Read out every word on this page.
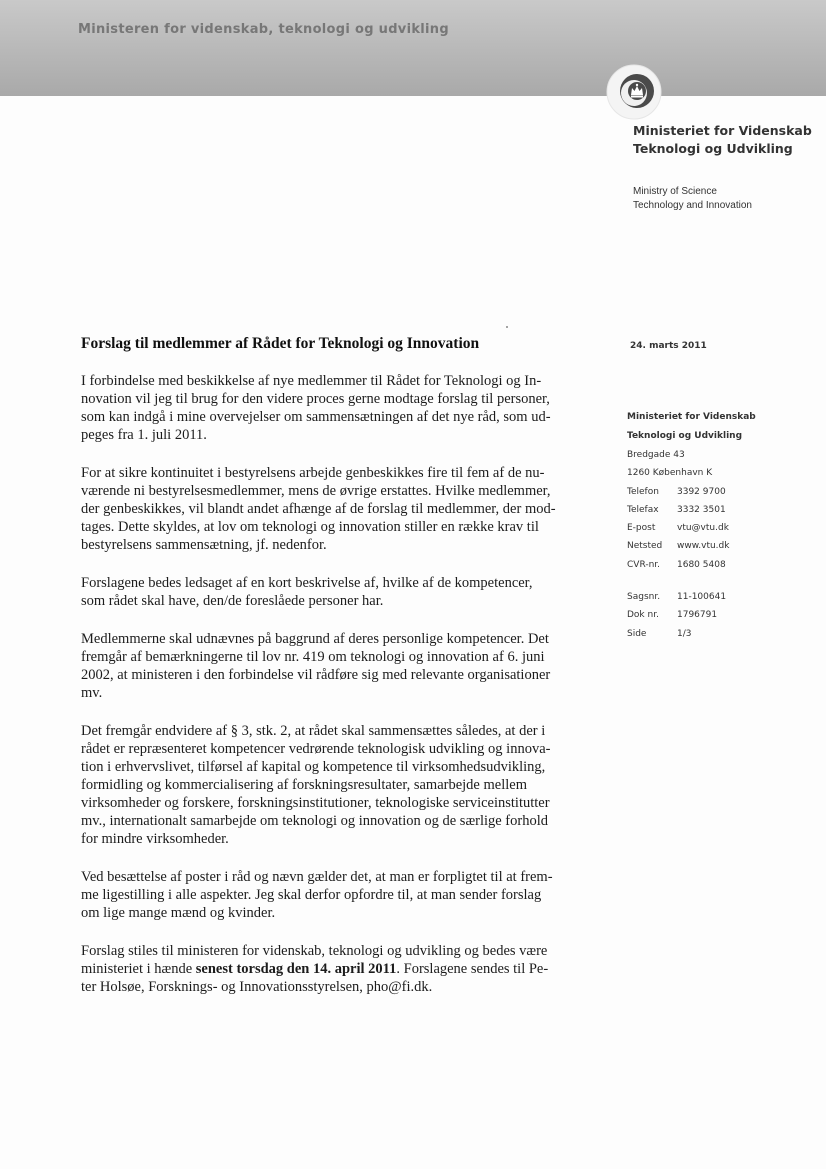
Ministeren for videnskab, teknologi og udvikling
Ministeriet for Videnskab
Teknologi og Udvikling
Ministry of Science
Technology and Innovation
Forslag til medlemmer af Rådet for Teknologi og Innovation	24. marts 2011

I forbindelse med beskikkelse af nye medlemmer til Rådet for Teknologi og In-
novation vil jeg til brug for den videre proces gerne modtage forslag til personer,
som kan indgå i mine overvejelser om sammensætningen af det nye råd, som ud-
peges fra 1. juli 2011.

For at sikre kontinuitet i bestyrelsens arbejde genbeskikkes fire til fem af de nu-
værende ni bestyrelsesmedlemmer, mens de øvrige erstattes. Hvilke medlemmer,
der genbeskikkes, vil blandt andet afhænge af de forslag til medlemmer, der mod-
tages. Dette skyldes, at lov om teknologi og innovation stiller en række krav til
bestyrelsens sammensætning, jf. nedenfor.

Forslagene bedes ledsaget af en kort beskrivelse af, hvilke af de kompetencer,
som rådet skal have, den/de foreslåede personer har.

Medlemmerne skal udnævnes på baggrund af deres personlige kompetencer. Det
fremgår af bemærkningerne til lov nr. 419 om teknologi og innovation af 6. juni
2002, at ministeren i den forbindelse vil rådføre sig med relevante organisationer
mv.

Det fremgår endvidere af § 3, stk. 2, at rådet skal sammensættes således, at der i
rådet er repræsenteret kompetencer vedrørende teknologisk udvikling og innova-
tion i erhvervslivet, tilførsel af kapital og kompetence til virksomhedsudvikling,
formidling og kommercialisering af forskningsresultater, samarbejde mellem
virksomheder og forskere, forskningsinstitutioner, teknologiske serviceinstitutter
mv., internationalt samarbejde om teknologi og innovation og de særlige forhold
for mindre virksomheder.

Ved besættelse af poster i råd og nævn gælder det, at man er forpligtet til at frem-
me ligestilling i alle aspekter. Jeg skal derfor opfordre til, at man sender forslag
om lige mange mænd og kvinder.

Forslag stiles til ministeren for videnskab, teknologi og udvikling og bedes være
ministeriet i hænde senest torsdag den 14. april 2011. Forslagene sendes til Pe-
ter Holsøe, Forsknings- og Innovationsstyrelsen, pho@fi.dk.

Ministeriet for Videnskab
Teknologi og Udvikling
Bredgade 43
1260 København K
Telefon	3392 9700
Telefax	3332 3501
E-post	vtu@vtu.dk
Netsted	www.vtu.dk
CVR-nr.	1680 5408
Sagsnr.	11-100641
Dok nr.	1796791
Side	1/3
